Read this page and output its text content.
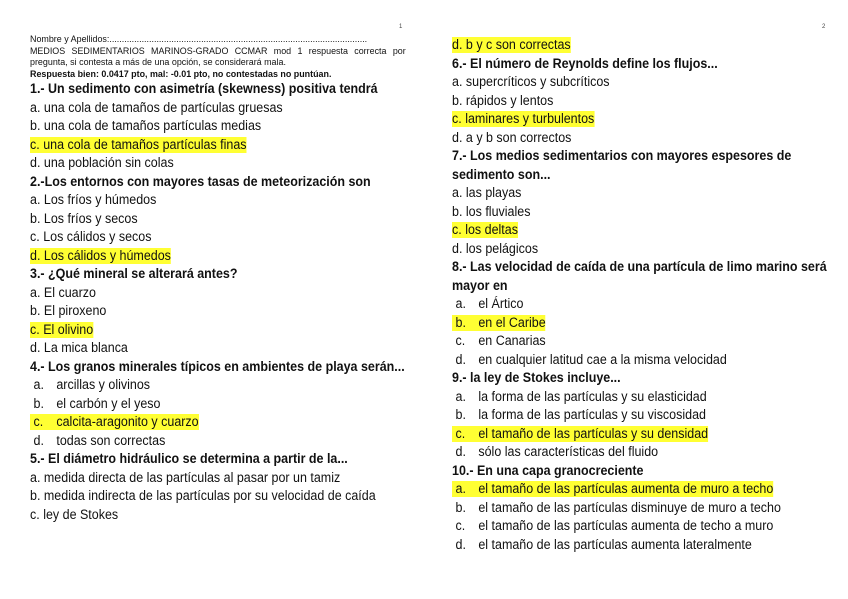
1	2
Nombre y Apellidos:........................................................................................................
MEDIOS SEDIMENTARIOS MARINOS-GRADO CCMAR mod 1 respuesta correcta por pregunta, si contesta a más de una opción, se considerará mala.
Respuesta bien: 0.0417 pto, mal: -0.01 pto, no contestadas no puntúan.
1.- Un sedimento con asimetría (skewness) positiva tendrá
a. una cola de tamaños de partículas gruesas
b. una cola de tamaños partículas medias
c. una cola de tamaños partículas finas
d. una población sin colas
2.-Los entornos con mayores tasas de meteorización son
a. Los fríos y húmedos
b. Los fríos y secos
c. Los cálidos y secos
d. Los cálidos y húmedos
3.- ¿Qué mineral se alterará antes?
a. El cuarzo
b. El piroxeno
c. El olivino
d. La mica blanca
4.- Los granos minerales típicos en ambientes de playa serán...
a. arcillas y olivinos
b. el carbón y el yeso
c. calcita-aragonito y cuarzo
d. todas son correctas
5.- El diámetro hidráulico se determina a partir de la...
a. medida directa de las partículas al pasar por un tamiz
b. medida indirecta de las partículas por su velocidad de caída
c. ley de Stokes
d. b y c son correctas
6.- El número de Reynolds define los flujos...
a. supercríticos y subcríticos
b. rápidos y lentos
c. laminares y turbulentos
d. a y b son correctos
7.- Los medios sedimentarios con mayores espesores de sedimento son...
a. las playas
b. los fluviales
c. los deltas
d. los pelágicos
8.- Las velocidad de caída de una partícula de limo marino será mayor en
a. el Ártico
b. en el Caribe
c. en Canarias
d. en cualquier latitud cae a la misma velocidad
9.- la ley de Stokes incluye...
a. la forma de las partículas y su elasticidad
b. la forma de las partículas y su viscosidad
c. el tamaño de las partículas y su densidad
d. sólo las características del fluido
10.- En una capa granocreciente
a. el tamaño de las partículas aumenta de muro a techo
b. el tamaño de las partículas disminuye de muro a techo
c. el tamaño de las partículas aumenta de techo a muro
d. el tamaño de las partículas aumenta lateralmente
